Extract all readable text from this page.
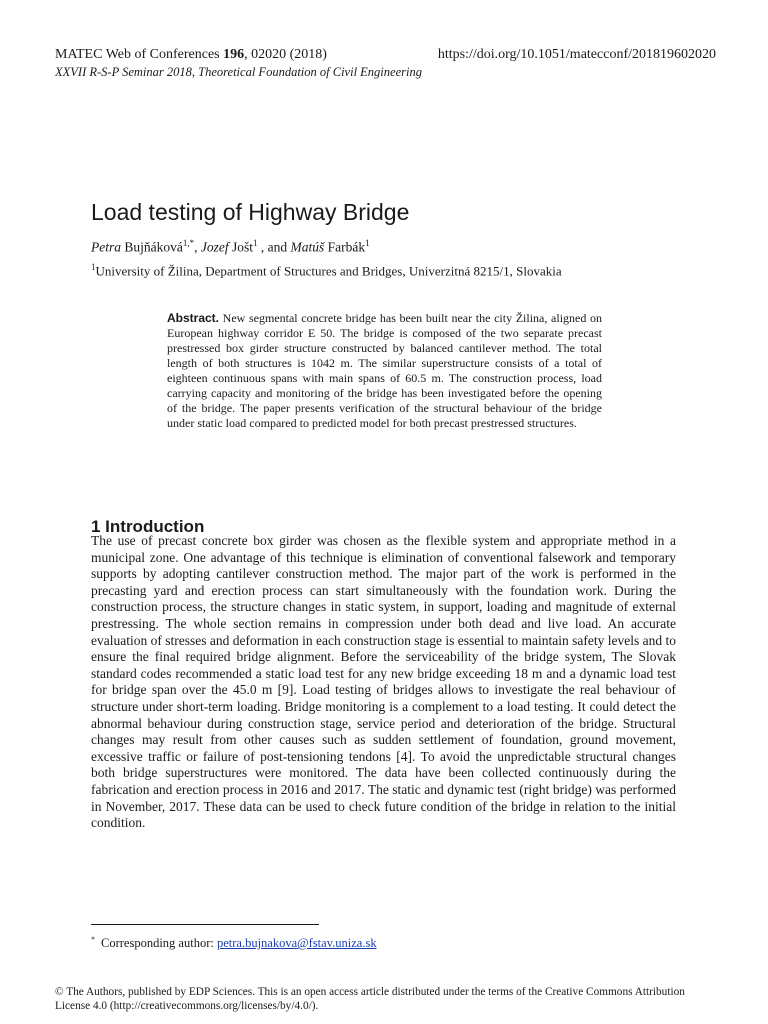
MATEC Web of Conferences 196, 02020 (2018)	https://doi.org/10.1051/matecconf/201819602020
XXVII R-S-P Seminar 2018, Theoretical Foundation of Civil Engineering
Load testing of Highway Bridge
Petra Bujňáková$^{1,*}$, Jozef Jošt$^1$ , and Matúš Farbák$^1$
$^1$University of Žilina, Department of Structures and Bridges, Univerzitná 8215/1, Slovakia
Abstract. New segmental concrete bridge has been built near the city Žilina, aligned on European highway corridor E 50. The bridge is composed of the two separate precast prestressed box girder structure constructed by balanced cantilever method. The total length of both structures is 1042 m. The similar superstructure consists of a total of eighteen continuous spans with main spans of 60.5 m. The construction process, load carrying capacity and monitoring of the bridge has been investigated before the opening of the bridge. The paper presents verification of the structural behaviour of the bridge under static load compared to predicted model for both precast prestressed structures.
1 Introduction
The use of precast concrete box girder was chosen as the flexible system and appropriate method in a municipal zone. One advantage of this technique is elimination of conventional falsework and temporary supports by adopting cantilever construction method. The major part of the work is performed in the precasting yard and erection process can start simultaneously with the foundation work. During the construction process, the structure changes in static system, in support, loading and magnitude of external prestressing. The whole section remains in compression under both dead and live load. An accurate evaluation of stresses and deformation in each construction stage is essential to maintain safety levels and to ensure the final required bridge alignment. Before the serviceability of the bridge system, The Slovak standard codes recommended a static load test for any new bridge exceeding 18 m and a dynamic load test for bridge span over the 45.0 m [9]. Load testing of bridges allows to investigate the real behaviour of structure under short-term loading. Bridge monitoring is a complement to a load testing. It could detect the abnormal behaviour during construction stage, service period and deterioration of the bridge. Structural changes may result from other causes such as sudden settlement of foundation, ground movement, excessive traffic or failure of post-tensioning tendons [4]. To avoid the unpredictable structural changes both bridge superstructures were monitored. The data have been collected continuously during the fabrication and erection process in 2016 and 2017. The static and dynamic test (right bridge) was performed in November, 2017. These data can be used to check future condition of the bridge in relation to the initial condition.
* Corresponding author: petra.bujnakova@fstav.uniza.sk
© The Authors, published by EDP Sciences. This is an open access article distributed under the terms of the Creative Commons Attribution License 4.0 (http://creativecommons.org/licenses/by/4.0/).
